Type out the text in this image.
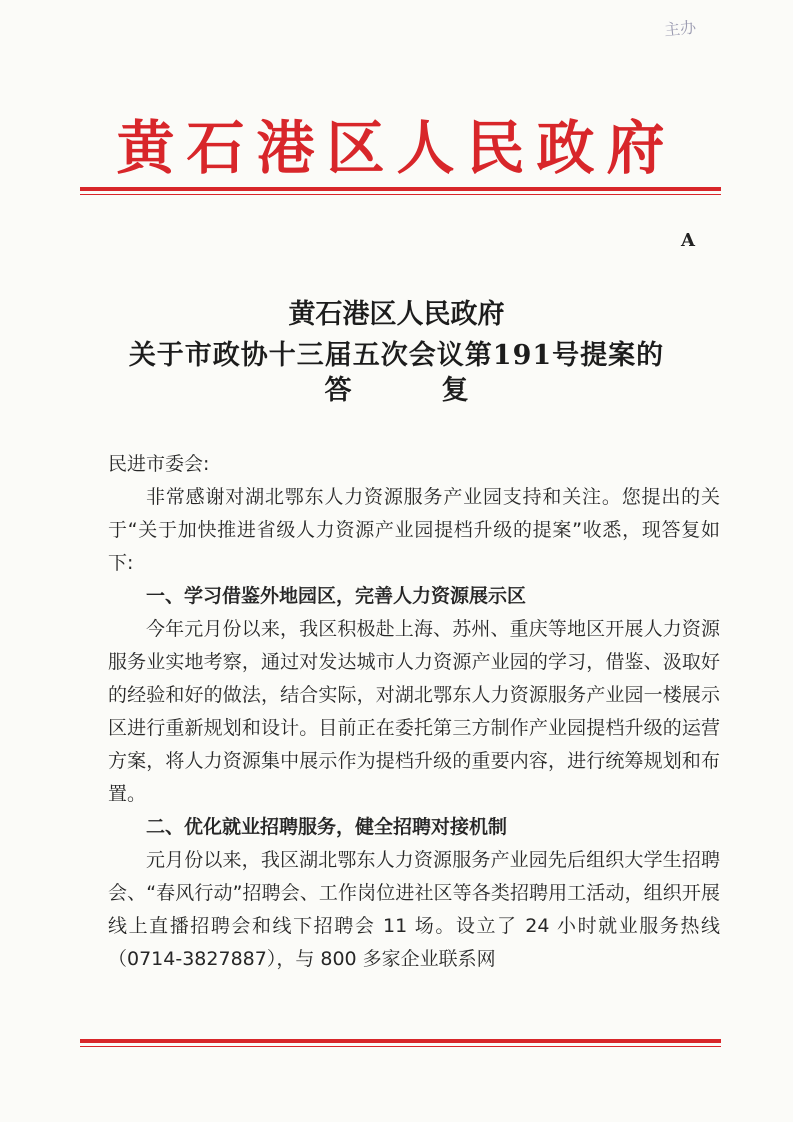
主办
黄石港区人民政府
A
黄石港区人民政府
关于市政协十三届五次会议第191号提案的
答复
民进市委会:
非常感谢对湖北鄂东人力资源服务产业园支持和关注。您提出的关于“关于加快推进省级人力资源产业园提档升级的提案”收悉，现答复如下:
一、学习借鉴外地园区，完善人力资源展示区
今年元月份以来，我区积极赴上海、苏州、重庆等地区开展人力资源服务业实地考察，通过对发达城市人力资源产业园的学习，借鉴、汲取好的经验和好的做法，结合实际，对湖北鄂东人力资源服务产业园一楼展示区进行重新规划和设计。目前正在委托第三方制作产业园提档升级的运营方案，将人力资源集中展示作为提档升级的重要内容，进行统筹规划和布置。
二、优化就业招聘服务，健全招聘对接机制
元月份以来，我区湖北鄂东人力资源服务产业园先后组织大学生招聘会、“春风行动”招聘会、工作岗位进社区等各类招聘用工活动，组织开展线上直播招聘会和线下招聘会 11 场。设立了 24 小时就业服务热线（0714-3827887），与 800 多家企业联系网
